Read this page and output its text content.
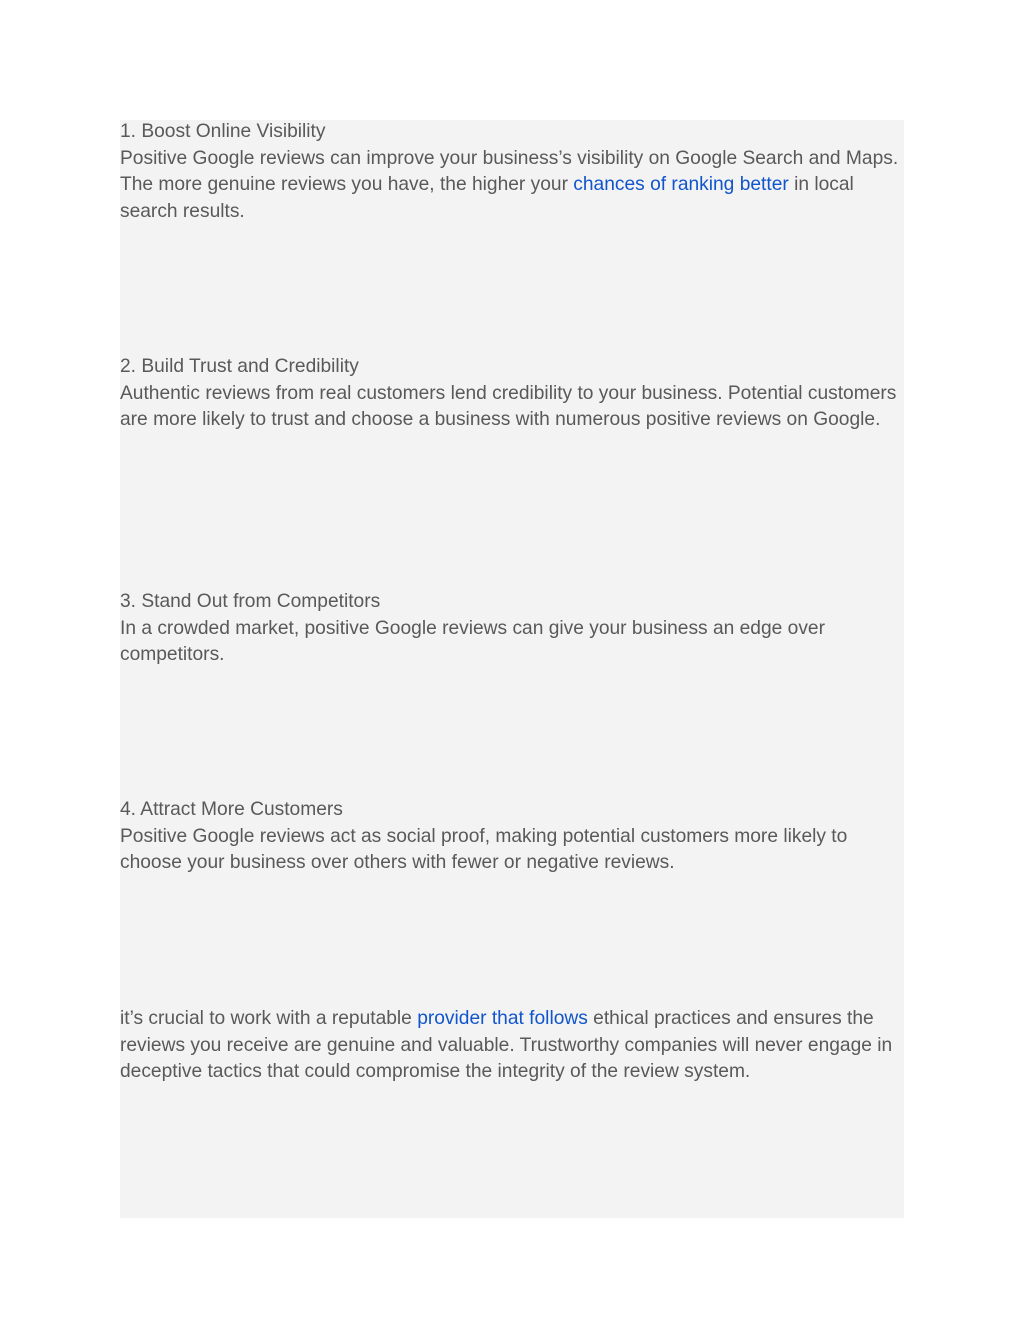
1. Boost Online Visibility

Positive Google reviews can improve your business’s visibility on Google Search and Maps. The more genuine reviews you have, the higher your chances of ranking better in local search results.

2. Build Trust and Credibility

Authentic reviews from real customers lend credibility to your business. Potential customers are more likely to trust and choose a business with numerous positive reviews on Google.

3. Stand Out from Competitors

In a crowded market, positive Google reviews can give your business an edge over competitors.

4. Attract More Customers

Positive Google reviews act as social proof, making potential customers more likely to choose your business over others with fewer or negative reviews.

it’s crucial to work with a reputable provider that follows ethical practices and ensures the reviews you receive are genuine and valuable. Trustworthy companies will never engage in deceptive tactics that could compromise the integrity of the review system.
